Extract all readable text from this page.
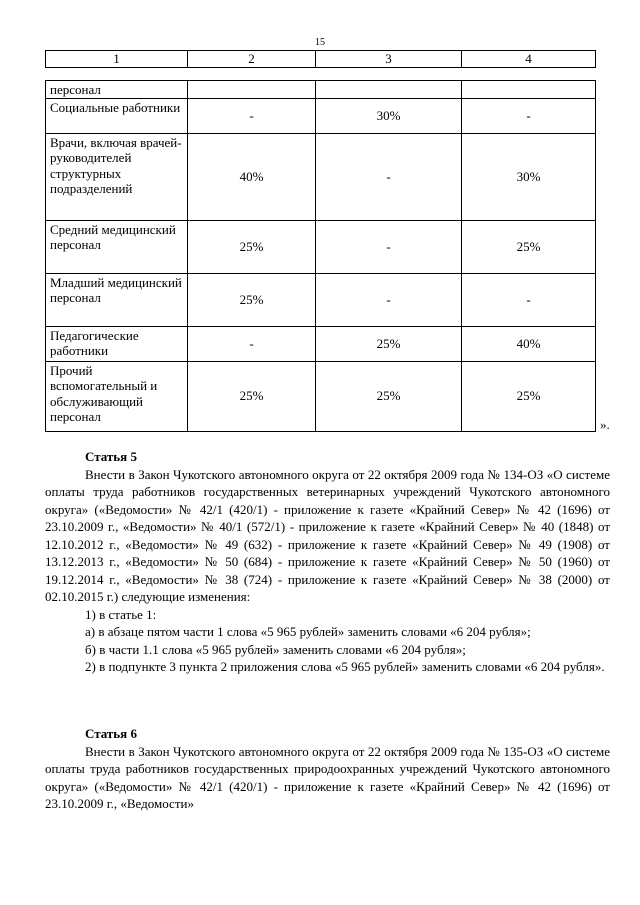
15
1	2	3	4
персонал			
Социальные работники	-	30%	-
Врачи, включая врачей-руководителей структурных подразделений	40%	-	30%
Средний медицинский персонал	25%	-	25%
Младший медицинский персонал	25%	-	-
Педагогические работники	-	25%	40%
Прочий вспомогательный и обслуживающий персонал	25%	25%	25%
».
Статья 5

Внести в Закон Чукотского автономного округа от 22 октября 2009 года № 134-ОЗ «О системе оплаты труда работников государственных ветеринарных учреждений Чукотского автономного округа» («Ведомости» № 42/1 (420/1) - приложение к газете «Крайний Север» № 42 (1696) от 23.10.2009 г., «Ведомости» № 40/1 (572/1) - приложение к газете «Крайний Север» № 40 (1848) от 12.10.2012 г., «Ведомости» № 49 (632) - приложение к газете «Крайний Север» № 49 (1908) от 13.12.2013 г., «Ведомости» № 50 (684) - приложение к газете «Крайний Север» № 50 (1960) от 19.12.2014 г., «Ведомости» № 38 (724) - приложение к газете «Крайний Север» № 38 (2000) от 02.10.2015 г.) следующие изменения:

1) в статье 1:

а) в абзаце пятом части 1 слова «5 965 рублей» заменить словами «6 204 рубля»;

б) в части 1.1 слова «5 965 рублей» заменить словами «6 204 рубля»;

2) в подпункте 3 пункта 2 приложения слова «5 965 рублей» заменить словами «6 204 рубля».

Статья 6

Внести в Закон Чукотского автономного округа от 22 октября 2009 года № 135-ОЗ «О системе оплаты труда работников государственных природоохранных учреждений Чукотского автономного округа» («Ведомости» № 42/1 (420/1) - приложение к газете «Крайний Север» № 42 (1696) от 23.10.2009 г., «Ведомости»
